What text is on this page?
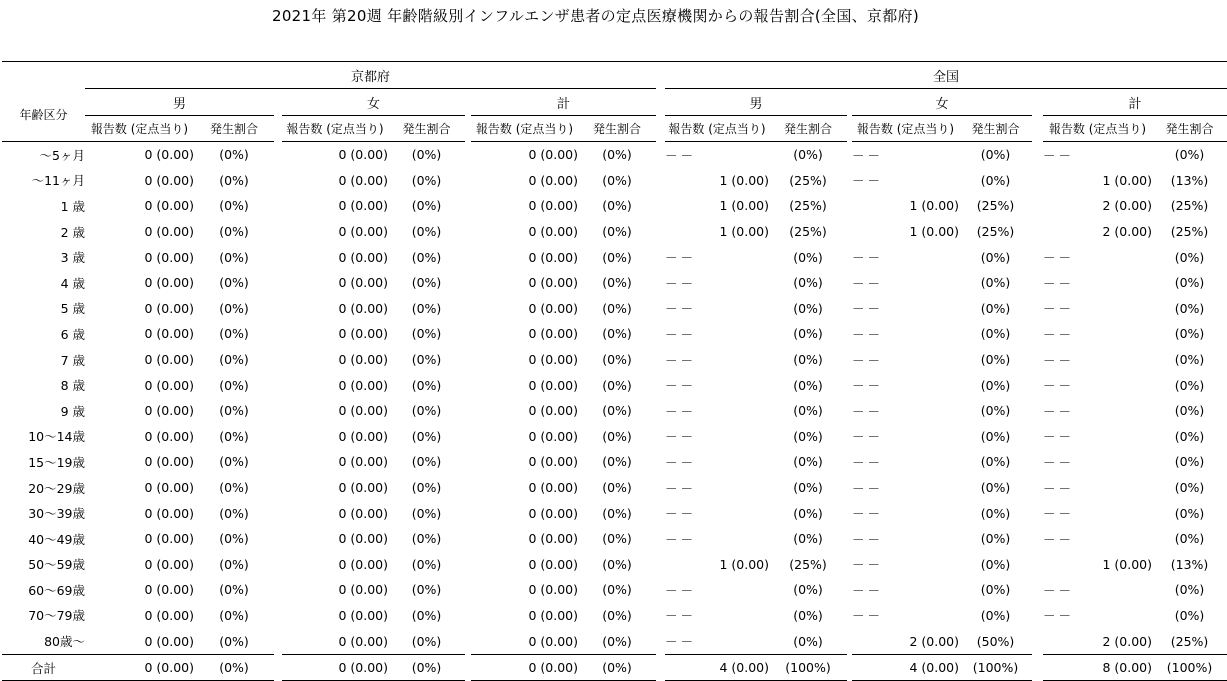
2021年 第20週 年齢階級別インフルエンザ患者の定点医療機関からの報告割合(全国、京都府)
	京都府									全国							
年齢区分	男			女			計			男			女			計	
	報告数 (定点当り)	発生割合		報告数 (定点当り)	発生割合		報告数 (定点当り)	発生割合		報告数 (定点当り)	発生割合		報告数 (定点当り)	発生割合		報告数 (定点当り)	発生割合
〜5ヶ月	0 (0.00)	(0%)		0 (0.00)	(0%)		0 (0.00)	(0%)		－－	(0%)		－－	(0%)		－－	(0%)
〜11ヶ月	0 (0.00)	(0%)		0 (0.00)	(0%)		0 (0.00)	(0%)		1 (0.00)	(25%)		－－	(0%)		1 (0.00)	(13%)
1 歳	0 (0.00)	(0%)		0 (0.00)	(0%)		0 (0.00)	(0%)		1 (0.00)	(25%)		1 (0.00)	(25%)		2 (0.00)	(25%)
2 歳	0 (0.00)	(0%)		0 (0.00)	(0%)		0 (0.00)	(0%)		1 (0.00)	(25%)		1 (0.00)	(25%)		2 (0.00)	(25%)
3 歳	0 (0.00)	(0%)		0 (0.00)	(0%)		0 (0.00)	(0%)		－－	(0%)		－－	(0%)		－－	(0%)
4 歳	0 (0.00)	(0%)		0 (0.00)	(0%)		0 (0.00)	(0%)		－－	(0%)		－－	(0%)		－－	(0%)
5 歳	0 (0.00)	(0%)		0 (0.00)	(0%)		0 (0.00)	(0%)		－－	(0%)		－－	(0%)		－－	(0%)
6 歳	0 (0.00)	(0%)		0 (0.00)	(0%)		0 (0.00)	(0%)		－－	(0%)		－－	(0%)		－－	(0%)
7 歳	0 (0.00)	(0%)		0 (0.00)	(0%)		0 (0.00)	(0%)		－－	(0%)		－－	(0%)		－－	(0%)
8 歳	0 (0.00)	(0%)		0 (0.00)	(0%)		0 (0.00)	(0%)		－－	(0%)		－－	(0%)		－－	(0%)
9 歳	0 (0.00)	(0%)		0 (0.00)	(0%)		0 (0.00)	(0%)		－－	(0%)		－－	(0%)		－－	(0%)
10〜14歳	0 (0.00)	(0%)		0 (0.00)	(0%)		0 (0.00)	(0%)		－－	(0%)		－－	(0%)		－－	(0%)
15〜19歳	0 (0.00)	(0%)		0 (0.00)	(0%)		0 (0.00)	(0%)		－－	(0%)		－－	(0%)		－－	(0%)
20〜29歳	0 (0.00)	(0%)		0 (0.00)	(0%)		0 (0.00)	(0%)		－－	(0%)		－－	(0%)		－－	(0%)
30〜39歳	0 (0.00)	(0%)		0 (0.00)	(0%)		0 (0.00)	(0%)		－－	(0%)		－－	(0%)		－－	(0%)
40〜49歳	0 (0.00)	(0%)		0 (0.00)	(0%)		0 (0.00)	(0%)		－－	(0%)		－－	(0%)		－－	(0%)
50〜59歳	0 (0.00)	(0%)		0 (0.00)	(0%)		0 (0.00)	(0%)		1 (0.00)	(25%)		－－	(0%)		1 (0.00)	(13%)
60〜69歳	0 (0.00)	(0%)		0 (0.00)	(0%)		0 (0.00)	(0%)		－－	(0%)		－－	(0%)		－－	(0%)
70〜79歳	0 (0.00)	(0%)		0 (0.00)	(0%)		0 (0.00)	(0%)		－－	(0%)		－－	(0%)		－－	(0%)
80歳〜	0 (0.00)	(0%)		0 (0.00)	(0%)		0 (0.00)	(0%)		－－	(0%)		2 (0.00)	(50%)		2 (0.00)	(25%)
合計	0 (0.00)	(0%)		0 (0.00)	(0%)		0 (0.00)	(0%)		4 (0.00)	(100%)		4 (0.00)	(100%)		8 (0.00)	(100%)
